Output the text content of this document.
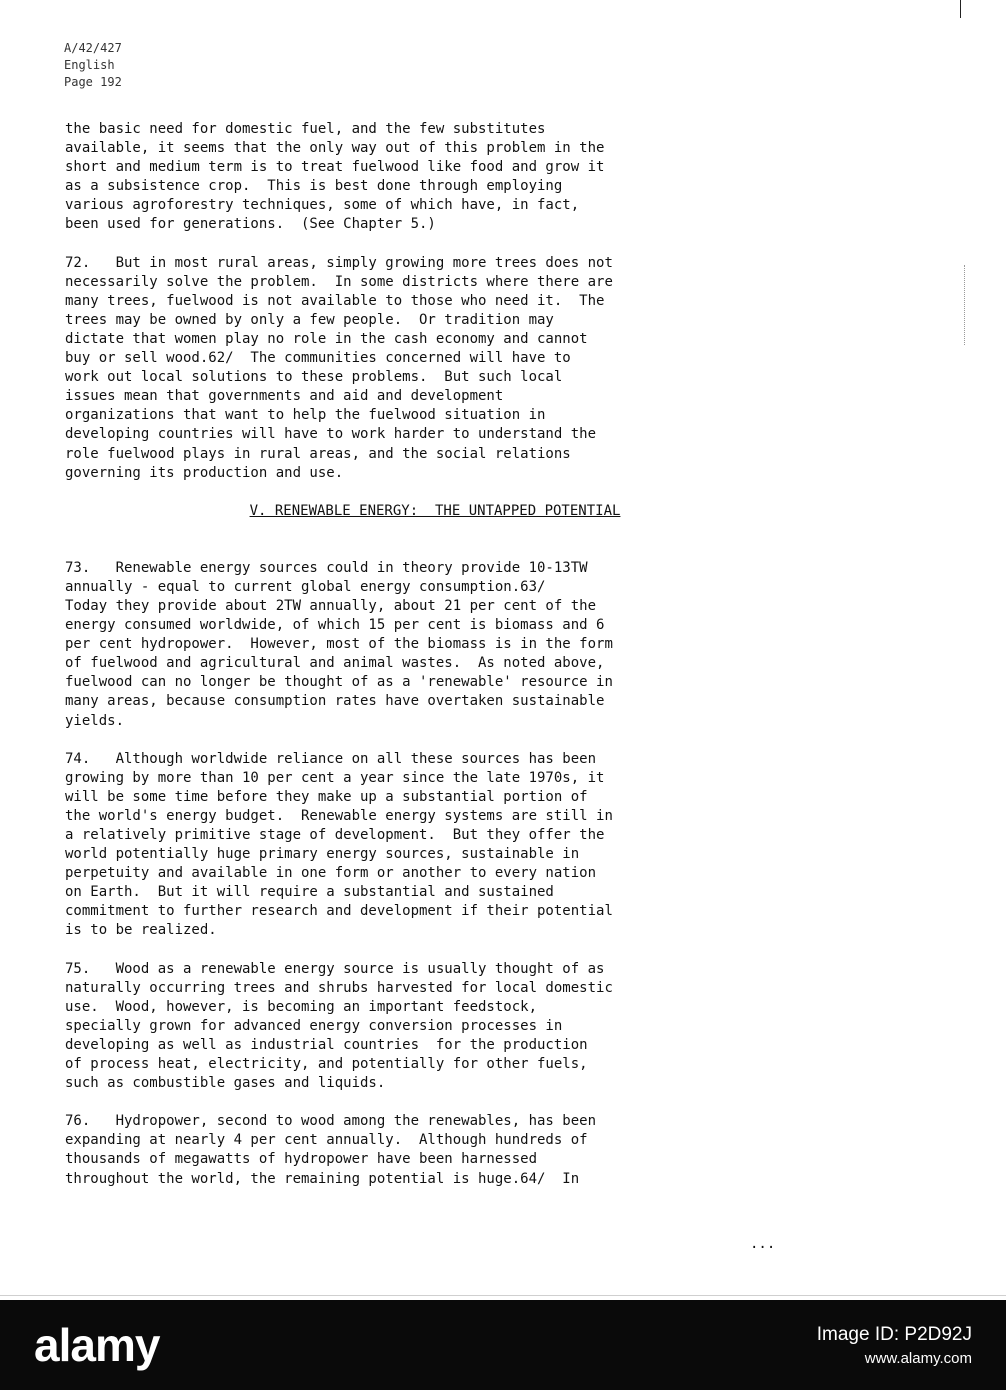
A/42/427
English
Page 192

the basic need for domestic fuel, and the few substitutes
available, it seems that the only way out of this problem in the
short and medium term is to treat fuelwood like food and grow it
as a subsistence crop.  This is best done through employing
various agroforestry techniques, some of which have, in fact,
been used for generations.  (See Chapter 5.)

72.   But in most rural areas, simply growing more trees does not
necessarily solve the problem.  In some districts where there are
many trees, fuelwood is not available to those who need it.  The
trees may be owned by only a few people.  Or tradition may
dictate that women play no role in the cash economy and cannot
buy or sell wood.62/  The communities concerned will have to
work out local solutions to these problems.  But such local
issues mean that governments and aid and development
organizations that want to help the fuelwood situation in
developing countries will have to work harder to understand the
role fuelwood plays in rural areas, and the social relations
governing its production and use.

V. RENEWABLE ENERGY:  THE UNTAPPED POTENTIAL

73.   Renewable energy sources could in theory provide 10-13TW
annually - equal to current global energy consumption.63/
Today they provide about 2TW annually, about 21 per cent of the
energy consumed worldwide, of which 15 per cent is biomass and 6
per cent hydropower.  However, most of the biomass is in the form
of fuelwood and agricultural and animal wastes.  As noted above,
fuelwood can no longer be thought of as a 'renewable' resource in
many areas, because consumption rates have overtaken sustainable
yields.

74.   Although worldwide reliance on all these sources has been
growing by more than 10 per cent a year since the late 1970s, it
will be some time before they make up a substantial portion of
the world's energy budget.  Renewable energy systems are still in
a relatively primitive stage of development.  But they offer the
world potentially huge primary energy sources, sustainable in
perpetuity and available in one form or another to every nation
on Earth.  But it will require a substantial and sustained
commitment to further research and development if their potential
is to be realized.

75.   Wood as a renewable energy source is usually thought of as
naturally occurring trees and shrubs harvested for local domestic
use.  Wood, however, is becoming an important feedstock,
specially grown for advanced energy conversion processes in
developing as well as industrial countries  for the production
of process heat, electricity, and potentially for other fuels,
such as combustible gases and liquids.

76.   Hydropower, second to wood among the renewables, has been
expanding at nearly 4 per cent annually.  Although hundreds of
thousands of megawatts of hydropower have been harnessed
throughout the world, the remaining potential is huge.64/  In

...
alamy	Image ID: P2D92J
www.alamy.com
